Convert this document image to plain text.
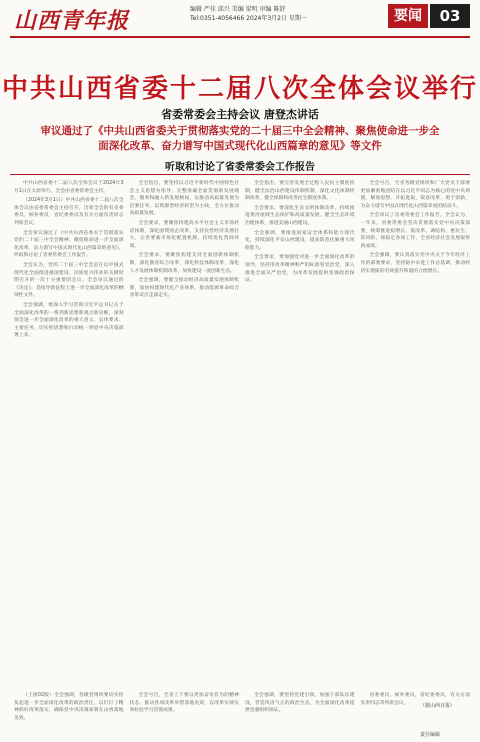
山西青年报	编辑 严佳 邱兴 美编 梁明 审编 陈舒
Tel:0351-4056466 2024年3月2日 星期一	要闻	03
中共山西省委十二届八次全体会议举行
省委常委会主持会议 唐登杰讲话
审议通过了《中共山西省委关于贯彻落实党的二十届三中全会精神、聚焦使命进一步全面深化改革、奋力谱写中国式现代化山西篇章的意见》等文件
听取和讨论了省委常委会工作报告

中共山西省委十二届八次全体会议于2024年3月1日在太原举行。全会由省委常委会主持。

（2024年3月1日）中共山西省委十二届八次全体会议由省委常委会主持召开，出席全会的有省委委员，候补委员，省纪委委员及有关方面负责同志列席会议。

全会审议通过了《中共山西省委关于贯彻落实党的二十届三中全会精神、聚焦使命进一步全面深化改革、奋力谱写中国式现代化山西篇章的意见》，听取和讨论了省委常委会工作报告。

全会认为，党的二十届三中全会是在以中国式现代化全面推进强国建设、民族复兴伟业的关键时期召开的一次十分重要的会议。全会审议通过的《决定》，是指导新征程上进一步全面深化改革的纲领性文件。

全会强调，要深入学习贯彻习近平总书记关于全面深化改革的一系列新思想新观点新论断，深刻领会进一步全面深化改革的重大意义、总体要求、主要任务，切实把思想和行动统一到党中央决策部署上来。

全会指出，要坚持以习近平新时代中国特色社会主义思想为指导，完整准确全面贯彻新发展理念，服务和融入新发展格局，以推动高质量发展为首要任务，以资源型经济转型为主线，全方位推动高质量发展。

全会要求，要聚焦构建高水平社会主义市场经济体制，深化国资国企改革，支持民营经济发展壮大，完善要素市场化配置机制，持续优化营商环境。

全会要求，要聚焦构建支持全面创新体制机制，深化教育综合改革，深化科技体制改革，深化人才发展体制机制改革，加快建设一流创新生态。

全会强调，要健全推动经济高质量发展体制机制，加快构建现代化产业体系，推动能源革命综合改革试点走深走实。

全会指出，要完善发展全过程人民民主制度机制，健全法治山西建设体制机制，深化文化体制机制改革，健全保障和改善民生制度体系。

全会要求，要深化生态文明体制改革，持续推进黄河流域生态保护和高质量发展，健全生态环境治理体系，推进美丽山西建设。

全会强调，要推进国家安全体系和能力现代化，持续深化平安山西建设，提高防范化解重大风险能力。

全会要求，要加强党对进一步全面深化改革的领导，坚持用改革精神和严的标准管党治党，深入推进全面从严治党，为改革发展提供坚强政治保证。

全会号召，全省各级党组织和广大党员干部要更加紧密地团结在以习近平同志为核心的党中央周围，解放思想、开拓进取，锐意改革、勇于创新，为奋力谱写中国式现代化山西篇章而团结奋斗。

全会审议了省委常委会工作报告。全会认为，一年来，省委常委会坚决贯彻落实党中央决策部署，统筹推进稳增长、促改革、调结构、惠民生、防风险、保稳定各项工作，全省经济社会发展取得新成效。

全会强调，要认真落实党中央关于今年经济工作的部署要求，坚持稳中求进工作总基调，推动经济实现质的有效提升和量的合理增长。

（上接02版）全会强调，各级党组织要切实担负起进一步全面深化改革的政治责任，以钉钉子精神抓好改革落实，确保党中央决策部署在山西落地见效。

全会号召，全省上下要以更加奋发有为的精神状态，推动各项改革举措落地见效，以改革实绩实效检验学习贯彻成果。

全会强调，要坚持党建引领，加强干部队伍建设，营造风清气正的政治生态，为全面深化改革提供坚强组织保证。

省委委员、候补委员，省纪委委员，有关方面负责同志等列席会议。	（据山西日报）
责任编辑
